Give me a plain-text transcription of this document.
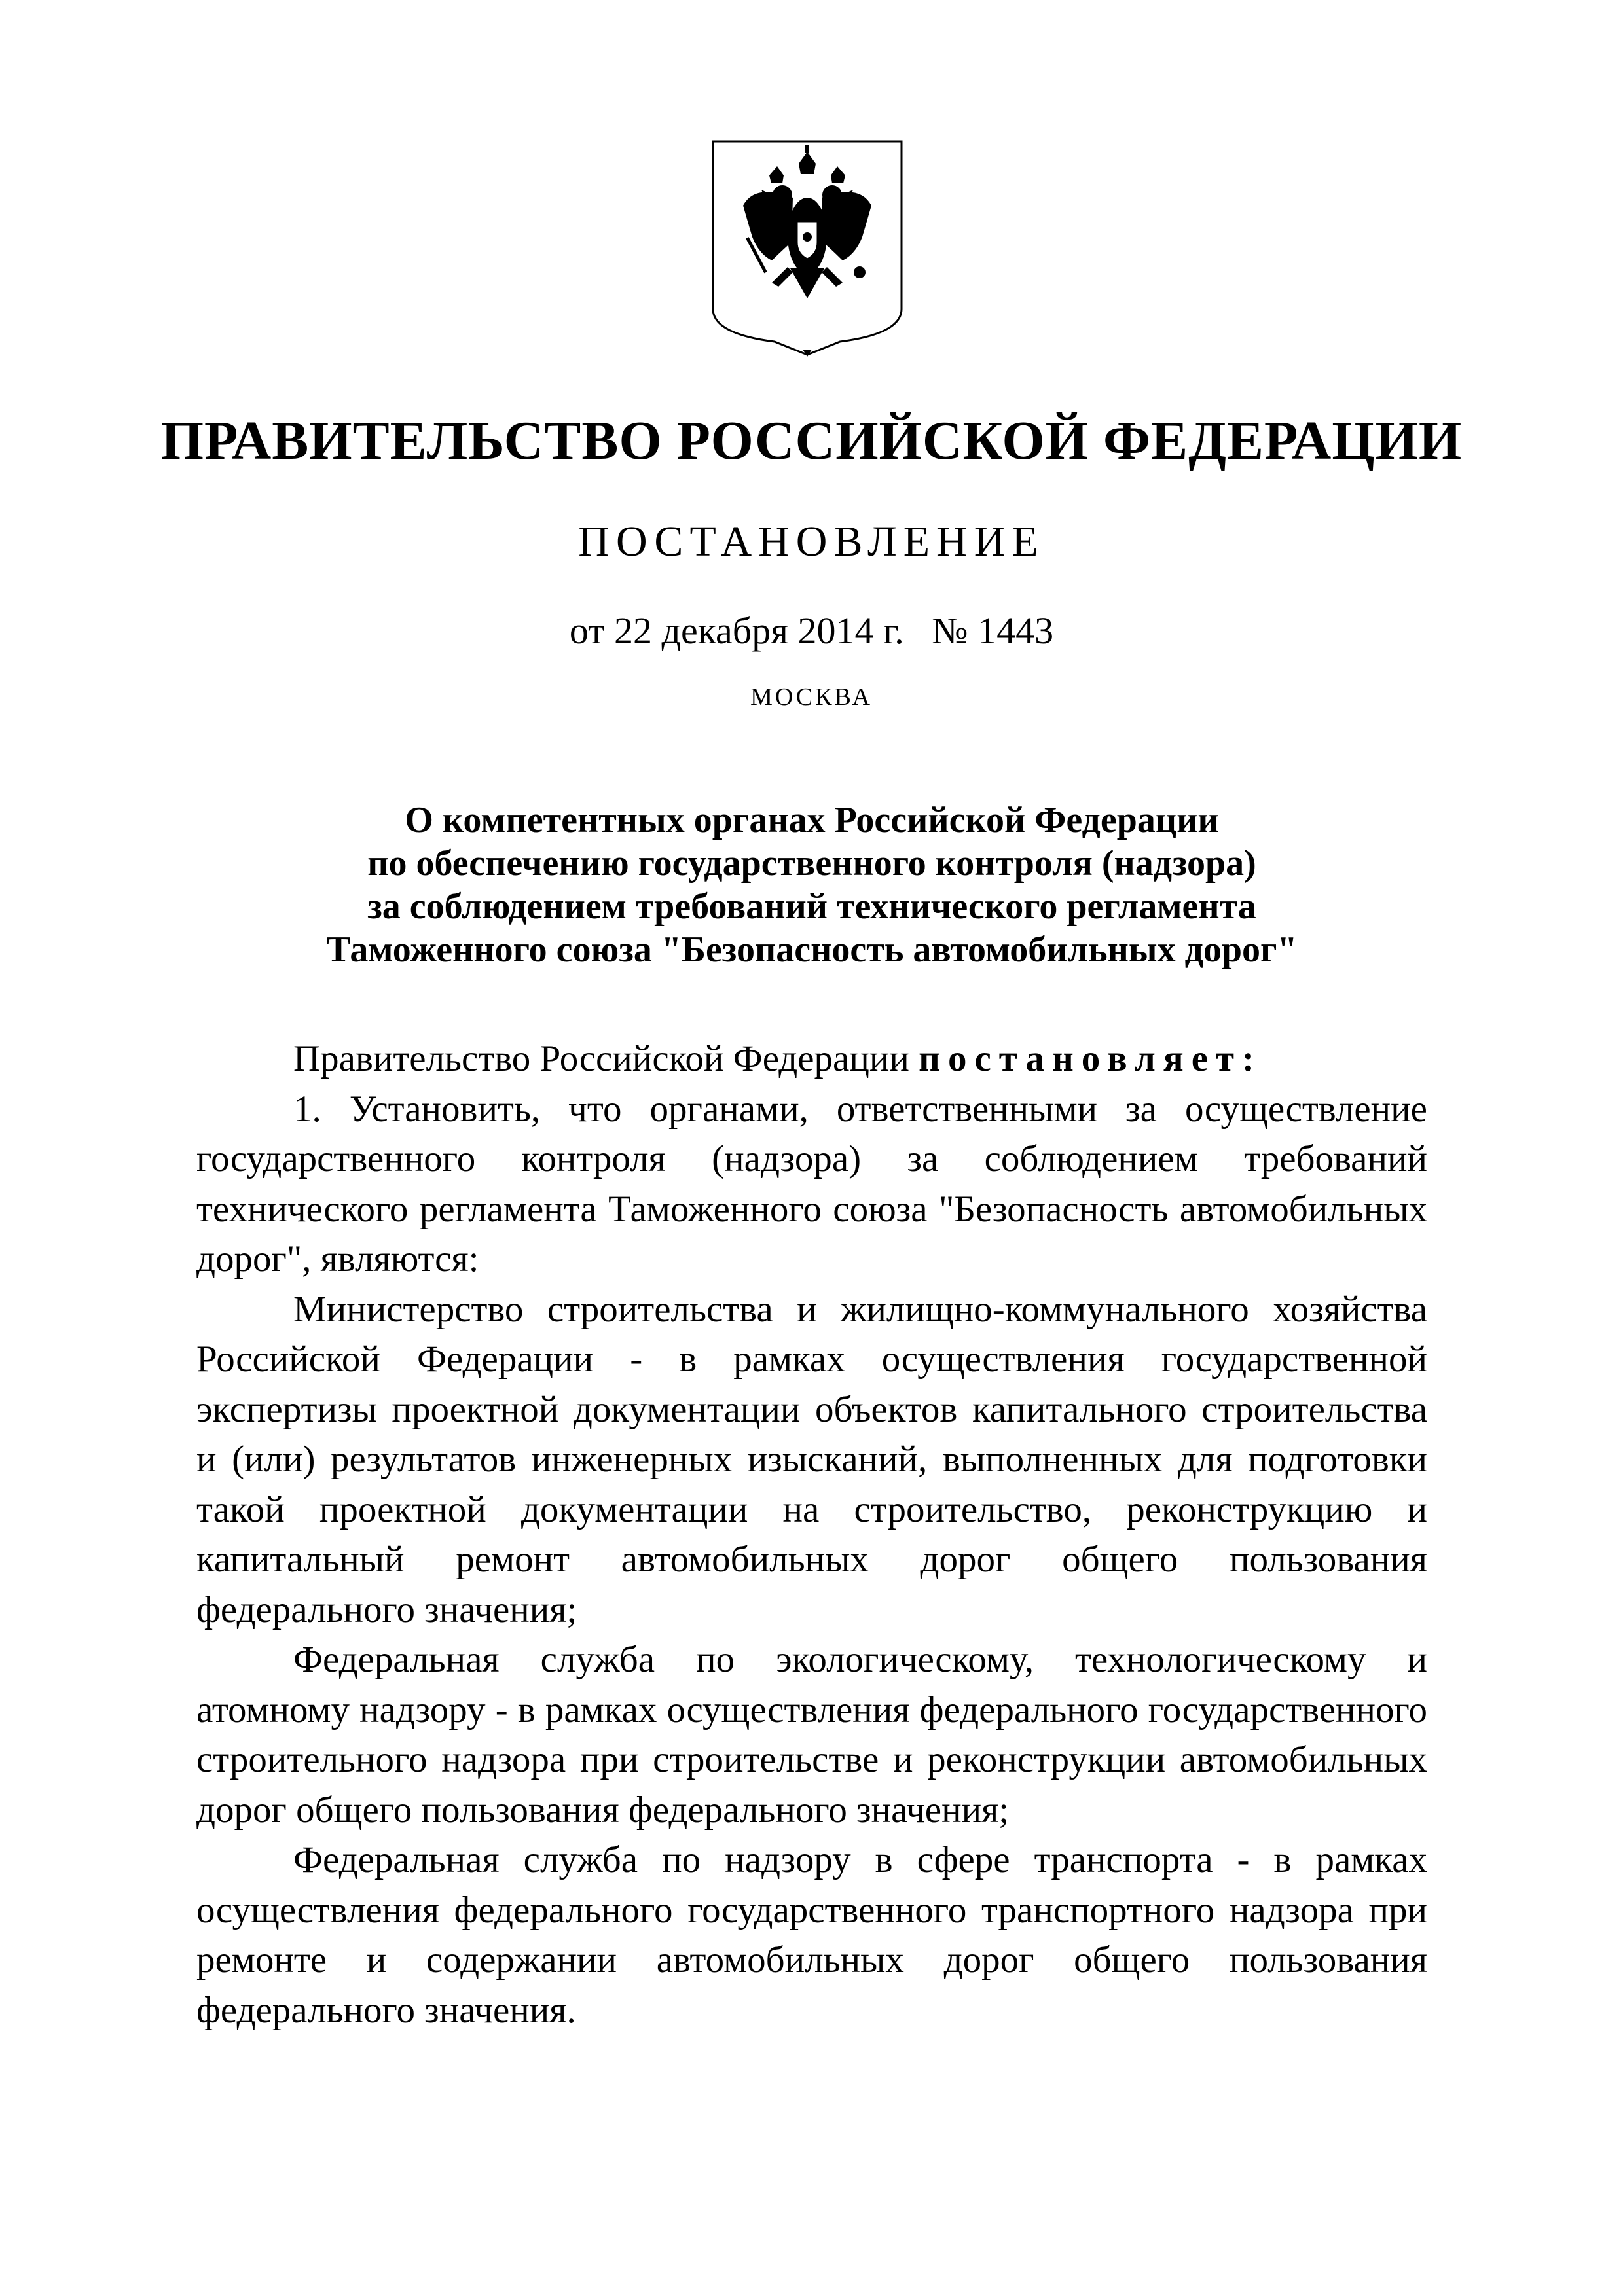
ПРАВИТЕЛЬСТВО РОССИЙСКОЙ ФЕДЕРАЦИИ
ПОСТАНОВЛЕНИЕ
от 22 декабря 2014 г. № 1443
МОСКВА
О компетентных органах Российской Федерации
по обеспечению государственного контроля (надзора)
за соблюдением требований технического регламента
Таможенного союза "Безопасность автомобильных дорог"

Правительство Российской Федерации постановляет:

1. Установить, что органами, ответственными за осуществление государственного контроля (надзора) за соблюдением требований технического регламента Таможенного союза "Безопасность автомобильных дорог", являются:

Министерство строительства и жилищно-коммунального хозяйства Российской Федерации - в рамках осуществления государственной экспертизы проектной документации объектов капитального строительства и (или) результатов инженерных изысканий, выполненных для подготовки такой проектной документации на строительство, реконструкцию и капитальный ремонт автомобильных дорог общего пользования федерального значения;

Федеральная служба по экологическому, технологическому и атомному надзору - в рамках осуществления федерального государственного строительного надзора при строительстве и реконструкции автомобильных дорог общего пользования федерального значения;

Федеральная служба по надзору в сфере транспорта - в рамках осуществления федерального государственного транспортного надзора при ремонте и содержании автомобильных дорог общего пользования федерального значения.
